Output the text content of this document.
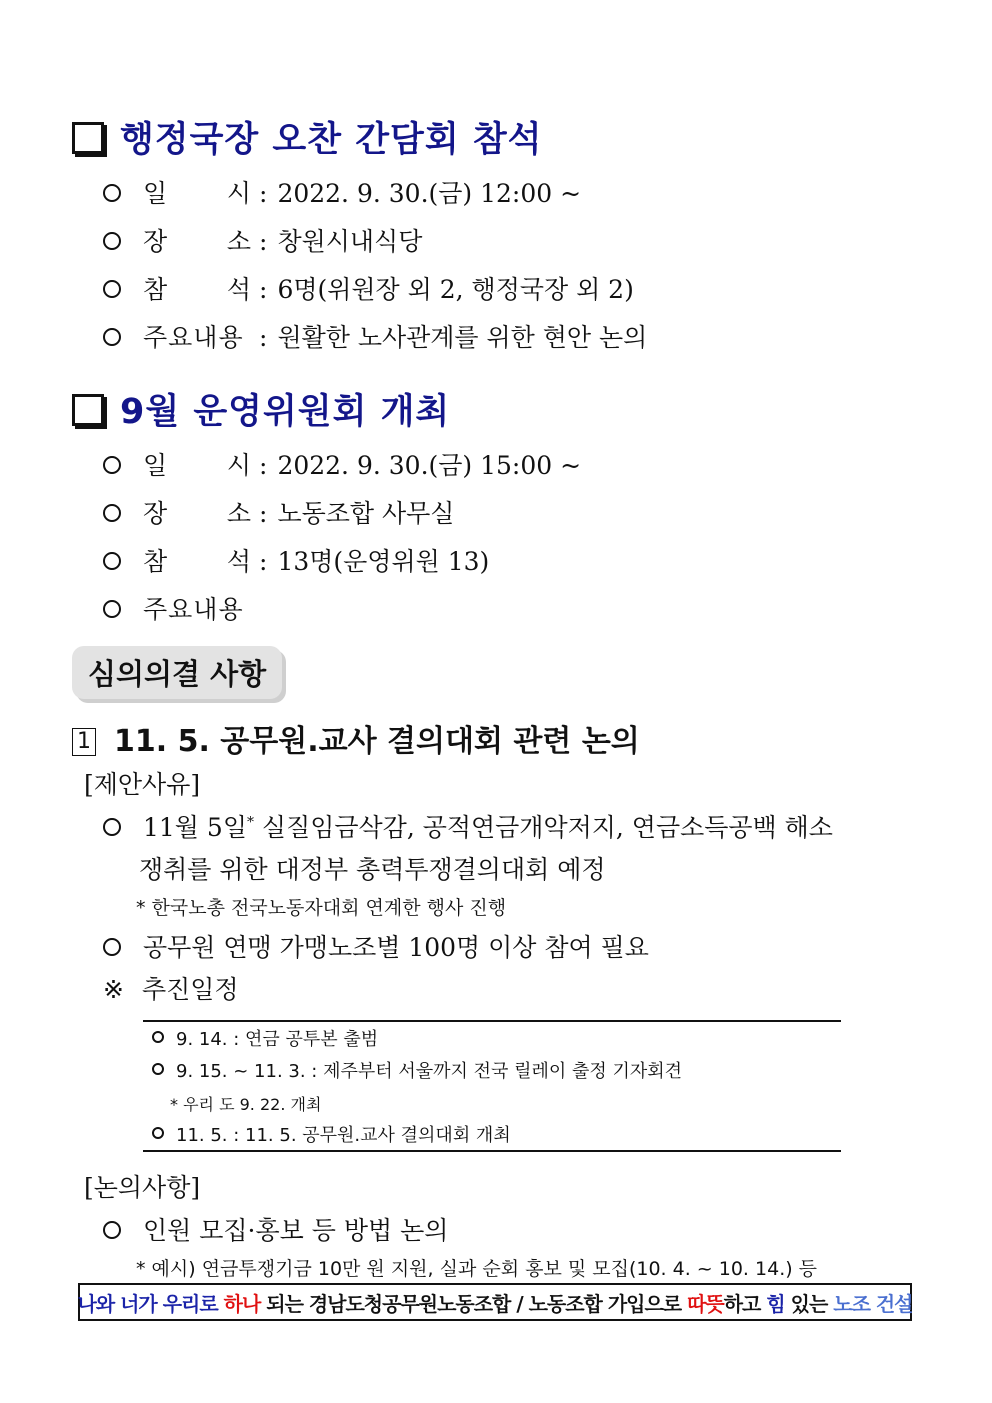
행정국장 오찬 간담회 참석
일 시 : 2022. 9. 30.(금) 12:00 ~
장 소 : 창원시내식당
참 석 : 6명(위원장 외 2, 행정국장 외 2)
주요내용 : 원활한 노사관계를 위한 현안 논의
9월 운영위원회 개최
일 시 : 2022. 9. 30.(금) 15:00 ~
장 소 : 노동조합 사무실
참 석 : 13명(운영위원 13)
주요내용
심의의결 사항
1 11. 5. 공무원.교사 결의대회 관련 논의
[제안사유]
11월 5일* 실질임금삭감, 공적연금개악저지, 연금소득공백 해소
쟁취를 위한 대정부 총력투쟁결의대회 예정
* 한국노총 전국노동자대회 연계한 행사 진행
공무원 연맹 가맹노조별 100명 이상 참여 필요
※ 추진일정
9. 14. : 연금 공투본 출범
9. 15. ~ 11. 3. : 제주부터 서울까지 전국 릴레이 출정 기자회견
* 우리 도 9. 22. 개최
11. 5. : 11. 5. 공무원.교사 결의대회 개최
[논의사항]
인원 모집·홍보 등 방법 논의
* 예시) 연금투쟁기금 10만 원 지원, 실과 순회 홍보 및 모집(10. 4. ~ 10. 14.) 등
나와 너가 우리로 하나 되는 경남도청공무원노동조합 / 노동조합 가입으로 따뜻 하고 힘 있는 노조 건설
